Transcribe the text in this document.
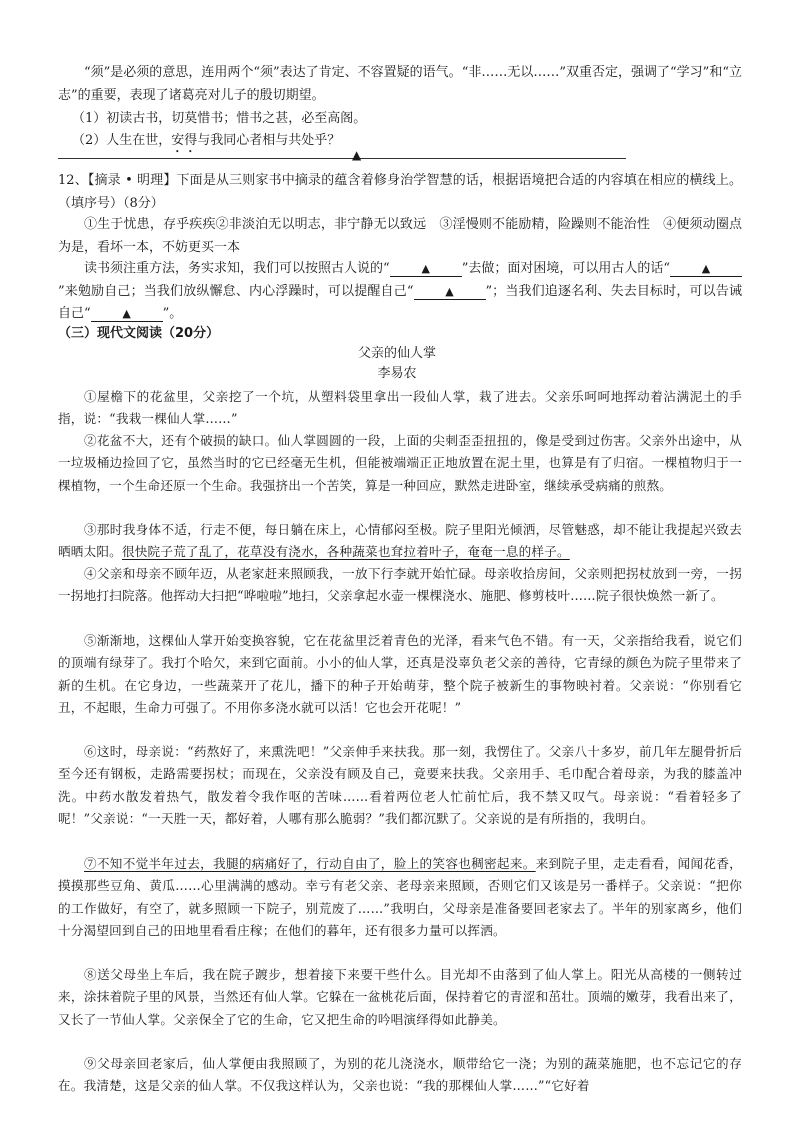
“须”是必须的意思，连用两个“须”表达了肯定、不容置疑的语气。“非……无以……”双重否定，强调了“学习”和“立志”的重要，表现了诸葛亮对儿子的殷切期望。

（1）初读古书，切莫惜书；惜书之甚，必至高阁。
（2）人生在世，安得与我同心者相与共处乎？
▲

12、【摘录 • 明理】下面是从三则家书中摘录的蕴含着修身治学智慧的话，根据语境把合适的内容填在相应的横线上。（填序号）（8分）

①生于忧患，存乎疾疾②非淡泊无以明志，非宁静无以致远　③淫慢则不能励精，险躁则不能治性　④便须动圈点为是，看坏一本，不妨更买一本

读书须注重方法，务实求知，我们可以按照古人说的“	▲ ”去做；面对困境，可以用古人的话“	▲”来勉励自己；当我们放纵懈怠、内心浮躁时，可以提醒自己“	▲ ”；当我们追逐名利、失去目标时，可以告诫自己“	▲ ”。

（三）现代文阅读（20分）
父亲的仙人掌
李易农

①屋檐下的花盆里，父亲挖了一个坑，从塑料袋里拿出一段仙人掌，栽了进去。父亲乐呵呵地挥动着沾满泥土的手指，说：“我栽一棵仙人掌……”

②花盆不大，还有个破损的缺口。仙人掌圆圆的一段，上面的尖刺歪歪扭扭的，像是受到过伤害。父亲外出途中，从一垃圾桶边捡回了它，虽然当时的它已经毫无生机，但能被端端正正地放置在泥土里，也算是有了归宿。一棵植物归于一棵植物，一个生命还原一个生命。我强挤出一个苦笑，算是一种回应，默然走进卧室，继续承受病痛的煎熬。

③那时我身体不适，行走不便，每日躺在床上，心情郁闷至极。院子里阳光倾洒，尽管魅惑，却不能让我提起兴致去晒晒太阳。很快院子荒了乱了，花草没有浇水，各种蔬菜也耷拉着叶子，奄奄一息的样子。

④父亲和母亲不顾年迈，从老家赶来照顾我，一放下行李就开始忙碌。母亲收拾房间，父亲则把拐杖放到一旁，一拐一拐地打扫院落。他挥动大扫把“哗啦啦”地扫，父亲拿起水壶一棵棵浇水、施肥、修剪枝叶……院子很快焕然一新了。

⑤渐渐地，这棵仙人掌开始变换容貌，它在花盆里泛着青色的光泽，看来气色不错。有一天，父亲指给我看，说它们的顶端有绿芽了。我打个哈欠，来到它面前。小小的仙人掌，还真是没辜负老父亲的善待，它青绿的颜色为院子里带来了新的生机。在它身边，一些蔬菜开了花儿，播下的种子开始萌芽，整个院子被新生的事物映衬着。父亲说：“你别看它丑，不起眼，生命力可强了。不用你多浇水就可以活！它也会开花呢！”

⑥这时，母亲说：“药熬好了，来熏洗吧！”父亲伸手来扶我。那一刻，我愣住了。父亲八十多岁，前几年左腿骨折后至今还有钢板，走路需要拐杖；而现在，父亲没有顾及自己，竟要来扶我。父亲用手、毛巾配合着母亲，为我的膝盖冲洗。中药水散发着热气，散发着令我作呕的苦味……看着两位老人忙前忙后，我不禁又叹气。母亲说：“看着轻多了呢！”父亲说：“一天胜一天，都好着，人哪有那么脆弱？”我们都沉默了。父亲说的是有所指的，我明白。

⑦不知不觉半年过去，我腿的病痛好了，行动自由了，脸上的笑容也稠密起来。来到院子里，走走看看，闻闻花香，摸摸那些豆角、黄瓜……心里满满的感动。幸亏有老父亲、老母亲来照顾，否则它们又该是另一番样子。父亲说：“把你的工作做好，有空了，就多照顾一下院子，别荒废了……”我明白，父母亲是准备要回老家去了。半年的别家离乡，他们十分渴望回到自己的田地里看看庄稼；在他们的暮年，还有很多力量可以挥洒。

⑧送父母坐上车后，我在院子踱步，想着接下来要干些什么。目光却不由落到了仙人掌上。阳光从高楼的一侧转过来，涂抹着院子里的风景，当然还有仙人掌。它躲在一盆桃花后面，保持着它的青涩和茁壮。顶端的嫩芽，我看出来了，又长了一节仙人掌。父亲保全了它的生命，它又把生命的吟唱演绎得如此静美。

⑨父母亲回老家后，仙人掌便由我照顾了，为别的花儿浇浇水，顺带给它一浇；为别的蔬菜施肥，也不忘记它的存在。我清楚，这是父亲的仙人掌。不仅我这样认为，父亲也说：“我的那棵仙人掌……”“它好着
